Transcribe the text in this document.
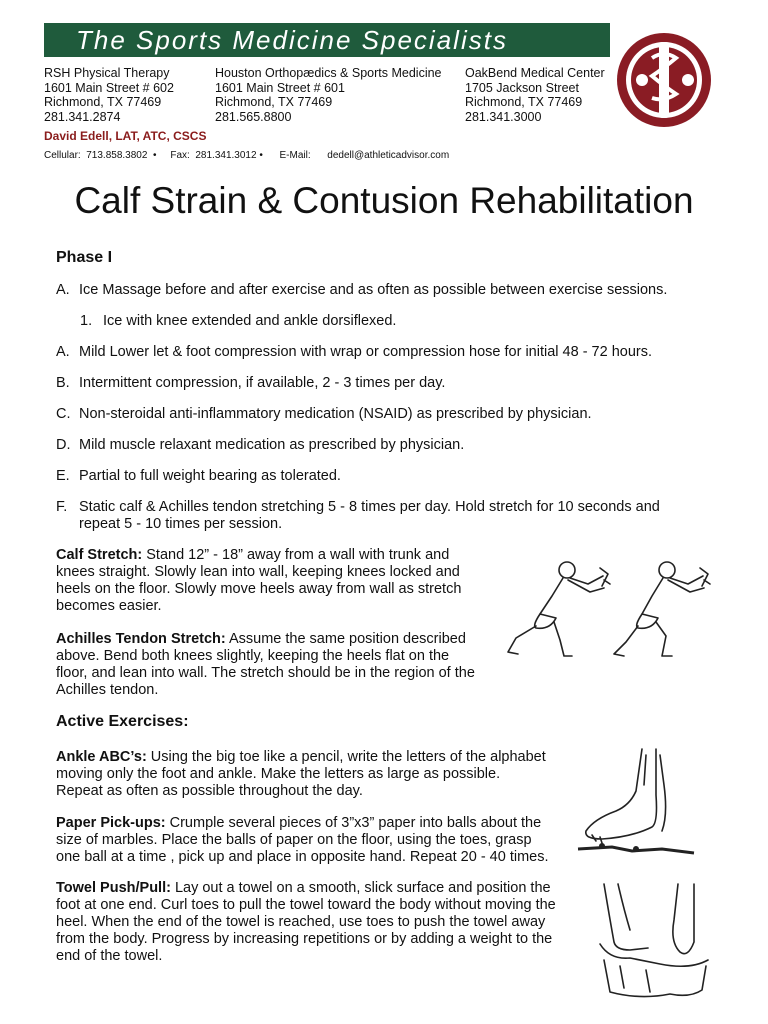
The Sports Medicine Specialists
RSH Physical Therapy
1601 Main Street # 602
Richmond, TX 77469
281.341.2874
Houston Orthopædics & Sports Medicine
1601 Main Street # 601
Richmond, TX 77469
281.565.8800
OakBend Medical Center
1705 Jackson Street
Richmond, TX 77469
281.341.3000
David Edell, LAT, ATC, CSCS
Cellular:  713.858.3802  •     Fax:  281.341.3012 •      E-Mail:      dedell@athleticadvisor.com
Calf Strain & Contusion Rehabilitation
Phase I
A. Ice Massage before and after exercise and as often as possible between exercise sessions.
1. Ice with knee extended and ankle dorsiflexed.
A. Mild Lower let & foot compression with wrap or compression hose for initial 48 - 72 hours.
B. Intermittent compression, if available, 2 - 3 times per day.
C. Non-steroidal anti-inflammatory medication (NSAID) as prescribed by physician.
D. Mild muscle relaxant medication as prescribed by physician.
E. Partial to full weight bearing as tolerated.
F. Static calf & Achilles tendon stretching 5 - 8 times per day. Hold stretch for 10 seconds and
repeat 5 - 10 times per session.
Calf Stretch: Stand 12” - 18” away from a wall with trunk and
knees straight. Slowly lean into wall, keeping knees locked and
heels on the floor. Slowly move heels away from wall as stretch
becomes easier.
Achilles Tendon Stretch: Assume the same position described
above. Bend both knees slightly, keeping the heels flat on the
floor, and lean into wall. The stretch should be in the region of the
Achilles tendon.
Active Exercises:
Ankle ABC’s: Using the big toe like a pencil, write the letters of the alphabet
moving only the foot and ankle. Make the letters as large as possible.
Repeat as often as possible throughout the day.
Paper Pick-ups: Crumple several pieces of 3”x3” paper into balls about the
size of marbles. Place the balls of paper on the floor, using the toes, grasp
one ball at a time , pick up and place in opposite hand. Repeat 20 - 40 times.
Towel Push/Pull: Lay out a towel on a smooth, slick surface and position the
foot at one end. Curl toes to pull the towel toward the body without moving the
heel. When the end of the towel is reached, use toes to push the towel away
from the body. Progress by increasing repetitions or by adding a weight to the
end of the towel.
